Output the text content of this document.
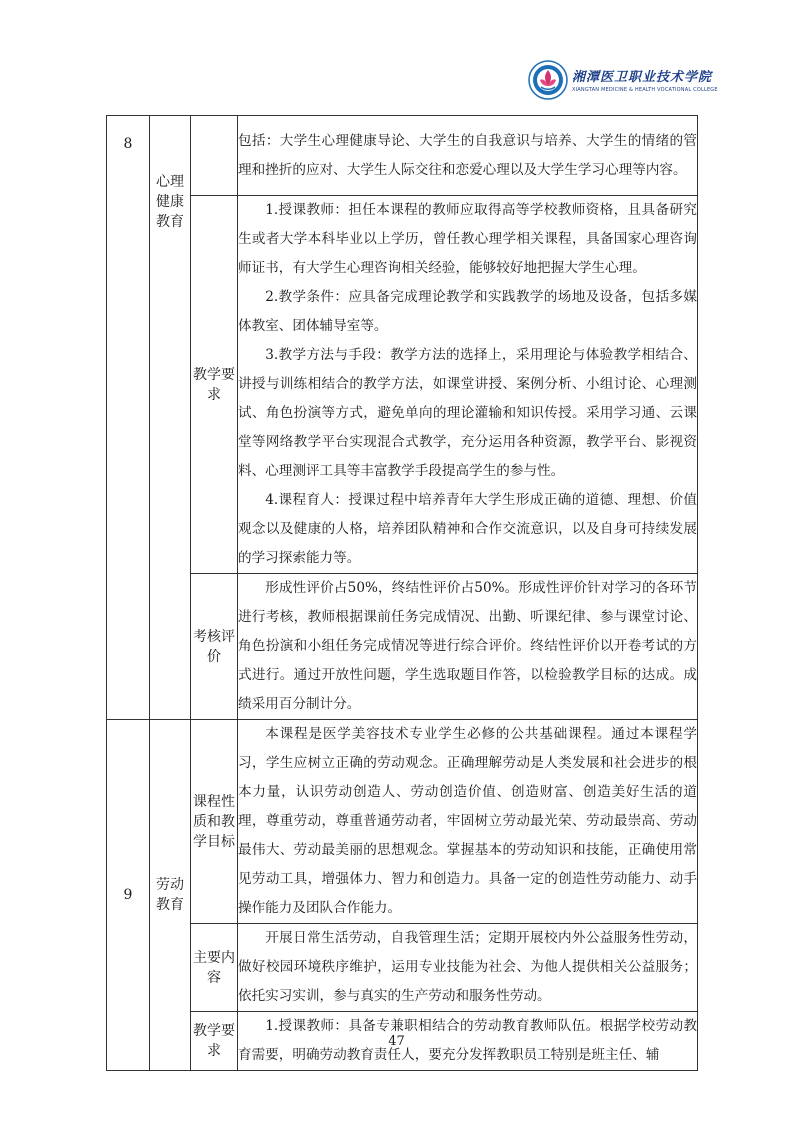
湘潭医卫职业技术学院
XIANGTAN MEDICINE & HEALTH VOCATIONAL COLLEGE
8	心理健康教育		包括：大学生心理健康导论、大学生的自我意识与培养、大学生的情绪的管理和挫折的应对、大学生人际交往和恋爱心理以及大学生学习心理等内容。

		教学要求	1.授课教师：担任本课程的教师应取得高等学校教师资格，且具备研究生或者大学本科毕业以上学历，曾任教心理学相关课程，具备国家心理咨询师证书，有大学生心理咨询相关经验，能够较好地把握大学生心理。

2.教学条件：应具备完成理论教学和实践教学的场地及设备，包括多媒体教室、团体辅导室等。

3.教学方法与手段：教学方法的选择上，采用理论与体验教学相结合、讲授与训练相结合的教学方法，如课堂讲授、案例分析、小组讨论、心理测试、角色扮演等方式，避免单向的理论灌输和知识传授。采用学习通、云课堂等网络教学平台实现混合式教学，充分运用各种资源，教学平台、影视资料、心理测评工具等丰富教学手段提高学生的参与性。

4.课程育人：授课过程中培养青年大学生形成正确的道德、理想、价值观念以及健康的人格，培养团队精神和合作交流意识，以及自身可持续发展的学习探索能力等。

		考核评价	形成性评价占50%，终结性评价占50%。形成性评价针对学习的各环节进行考核，教师根据课前任务完成情况、出勤、听课纪律、参与课堂讨论、角色扮演和小组任务完成情况等进行综合评价。终结性评价以开卷考试的方式进行。通过开放性问题，学生选取题目作答，以检验教学目标的达成。成绩采用百分制计分。

9	劳动教育	课程性质和教学目标	本课程是医学美容技术专业学生必修的公共基础课程。通过本课程学习，学生应树立正确的劳动观念。正确理解劳动是人类发展和社会进步的根本力量，认识劳动创造人、劳动创造价值、创造财富、创造美好生活的道理，尊重劳动，尊重普通劳动者，牢固树立劳动最光荣、劳动最崇高、劳动最伟大、劳动最美丽的思想观念。掌握基本的劳动知识和技能，正确使用常见劳动工具，增强体力、智力和创造力。具备一定的创造性劳动能力、动手操作能力及团队合作能力。

		主要内容	开展日常生活劳动，自我管理生活；定期开展校内外公益服务性劳动，做好校园环境秩序维护，运用专业技能为社会、为他人提供相关公益服务；依托实习实训，参与真实的生产劳动和服务性劳动。

		教学要求	1.授课教师：具备专兼职相结合的劳动教育教师队伍。根据学校劳动教育需要，明确劳动教育责任人，要充分发挥教职员工特别是班主任、辅

47
